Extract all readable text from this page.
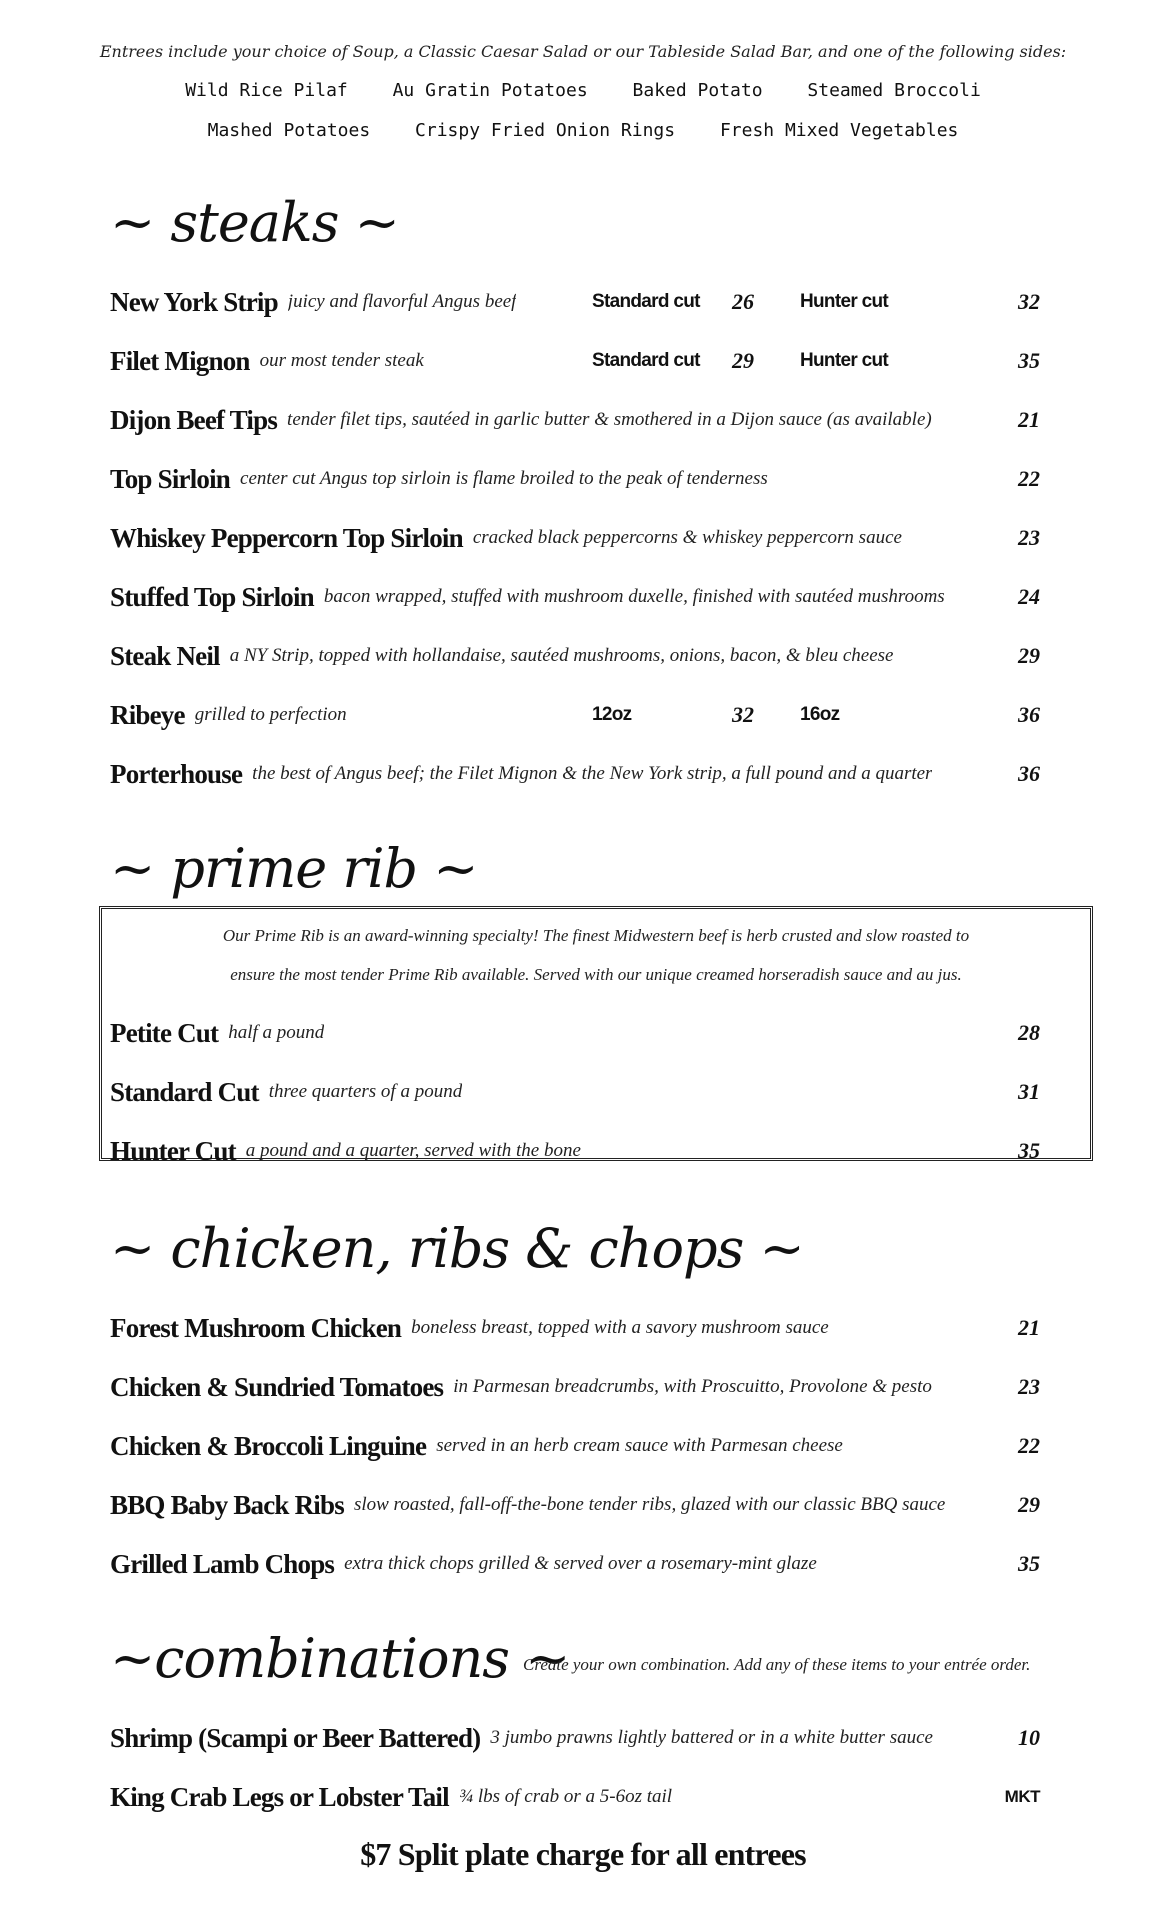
Entrees include your choice of Soup, a Classic Caesar Salad or our Tableside Salad Bar, and one of the following sides:
Wild Rice Pilaf Au Gratin Potatoes Baked Potato Steamed Broccoli
Mashed Potatoes Crispy Fried Onion Rings Fresh Mixed Vegetables
~ steaks ~
New York Strip juicy and flavorful Angus beef	Standard cut 26 Hunter cut	32
Filet Mignon our most tender steak	Standard cut 29 Hunter cut	35
Dijon Beef Tips tender filet tips, sautéed in garlic butter & smothered in a Dijon sauce (as available)	21
Top Sirloin center cut Angus top sirloin is flame broiled to the peak of tenderness	22
Whiskey Peppercorn Top Sirloin cracked black peppercorns & whiskey peppercorn sauce	23
Stuffed Top Sirloin bacon wrapped, stuffed with mushroom duxelle, finished with sautéed mushrooms	24
Steak Neil a NY Strip, topped with hollandaise, sautéed mushrooms, onions, bacon, & bleu cheese	29
Ribeye grilled to perfection	12oz	32 16oz	36
Porterhouse the best of Angus beef; the Filet Mignon & the New York strip, a full pound and a quarter	36
~ prime rib ~
Our Prime Rib is an award-winning specialty! The finest Midwestern beef is herb crusted and slow roasted to
ensure the most tender Prime Rib available. Served with our unique creamed horseradish sauce and au jus.
Petite Cut half a pound	28
Standard Cut three quarters of a pound	31
Hunter Cut a pound and a quarter, served with the bone	35
~ chicken, ribs & chops ~
Forest Mushroom Chicken boneless breast, topped with a savory mushroom sauce	21
Chicken & Sundried Tomatoes in Parmesan breadcrumbs, with Proscuitto, Provolone & pesto	23
Chicken & Broccoli Linguine served in an herb cream sauce with Parmesan cheese	22
BBQ Baby Back Ribs slow roasted, fall-off-the-bone tender ribs, glazed with our classic BBQ sauce	29
Grilled Lamb Chops extra thick chops grilled & served over a rosemary-mint glaze	35
~combinations ~
Create your own combination. Add any of these items to your entrée order.
Shrimp (Scampi or Beer Battered) 3 jumbo prawns lightly battered or in a white butter sauce	10
King Crab Legs or Lobster Tail ¾ lbs of crab or a 5-6oz tail	MKT
$7 Split plate charge for all entrees
